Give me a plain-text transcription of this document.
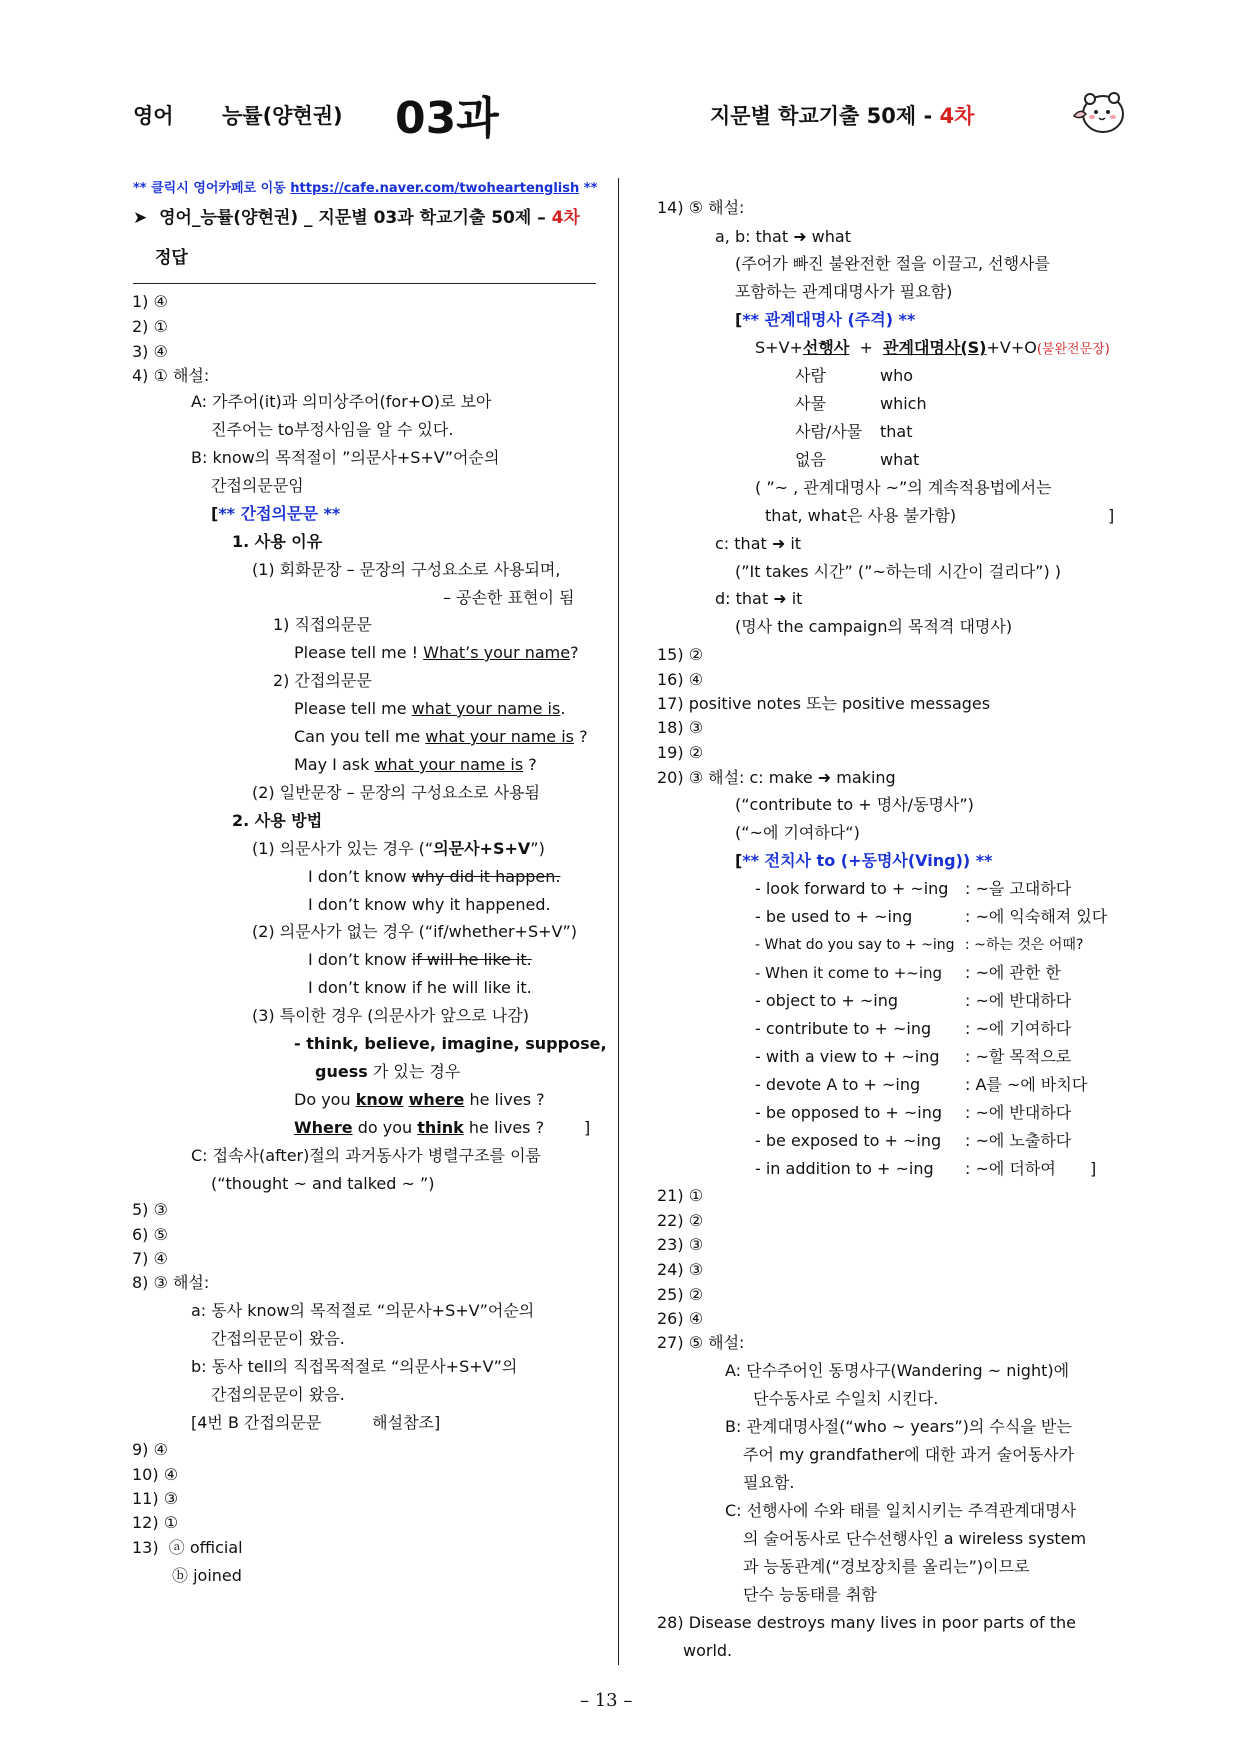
영어 능률(양현권) 03과	지문별 학교기출 50제 - 4차
** 클릭시 영어카페로 이동 https://cafe.naver.com/twoheartenglish **
➤ 영어_능률(양현권) _ 지문별 03과 학교기출 50제 – 4차
정답
1) ④
2) ①
3) ④
4) ① 해설:
A: 가주어(it)과 의미상주어(for+O)로 보아
진주어는 to부정사임을 알 수 있다.
B: know의 목적절이 ”의문사+S+V”어순의
간접의문문임
[** 간접의문문 **
1. 사용 이유
(1) 회화문장 – 문장의 구성요소로 사용되며,
– 공손한 표현이 됨
1) 직접의문문
Please tell me ! What’s your name?
2) 간접의문문
Please tell me what your name is.
Can you tell me what your name is ?
May I ask what your name is ?
(2) 일반문장 – 문장의 구성요소로 사용됨
2. 사용 방법
(1) 의문사가 있는 경우 (“의문사+S+V”)
I don’t know why did it happen.
I don’t know why it happened.
(2) 의문사가 없는 경우 (“if/whether+S+V”)
I don’t know if will he like it.
I don’t know if he will like it.
(3) 특이한 경우 (의문사가 앞으로 나감)
- think, believe, imagine, suppose,
guess 가 있는 경우
Do you know where he lives ?
Where do you think he lives ? ]
C: 접속사(after)절의 과거동사가 병렬구조를 이룸
(“thought ~ and talked ~ ”)
5) ③
6) ⑤
7) ④
8) ③ 해설:
a: 동사 know의 목적절로 “의문사+S+V”어순의
간접의문문이 왔음.
b: 동사 tell의 직접목적절로 “의문사+S+V”의
간접의문문이 왔음.
[4번 B 간접의문문          해설참조]
9) ④
10) ④
11) ③
12) ①
13)  ⓐ official
ⓑ joined
14) ⑤ 해설:
a, b: that ➜ what
(주어가 빠진 불완전한 절을 이끌고, 선행사를
포함하는 관계대명사가 필요함)
[** 관계대명사 (주격) **
S+V+선행사  +  관계대명사(S)+V+O(불완전문장)
사람	who
사물	which
사람/사물 that
없음	what
( ”~ , 관계대명사 ~”의 계속적용법에서는
that, what은 사용 불가함)	]
c: that ➜ it
(”It takes 시간” (”~하는데 시간이 걸리다”) )
d: that ➜ it
(명사 the campaign의 목적격 대명사)
15) ②
16) ④
17) positive notes 또는 positive messages
18) ③
19) ②
20) ③ 해설: c: make ➜ making
(“contribute to + 명사/동명사”)
(“~에 기여하다“)
[** 전치사 to (+동명사(Ving)) **
- look forward to + ~ing : ~을 고대하다
- be used to + ~ing	: ~에 익숙해져 있다
- What do you say to + ~ing : ~하는 것은 어때?
- When it come to +~ing : ~에 관한 한
- object to + ~ing	: ~에 반대하다
- contribute to + ~ing : ~에 기여하다
- with a view to + ~ing : ~할 목적으로
- devote A to + ~ing	: A를 ~에 바치다
- be opposed to + ~ing : ~에 반대하다
- be exposed to + ~ing : ~에 노출하다
- in addition to + ~ing : ~에 더하여 ]
21) ①
22) ②
23) ③
24) ③
25) ②
26) ④
27) ⑤ 해설:
A: 단수주어인 동명사구(Wandering ~ night)에
단수동사로 수일치 시킨다.
B: 관계대명사절(“who ~ years”)의 수식을 받는
주어 my grandfather에 대한 과거 술어동사가
필요함.
C: 선행사에 수와 태를 일치시키는 주격관계대명사
의 술어동사로 단수선행사인 a wireless system
과 능동관계(“경보장치를 올리는”)이므로
단수 능동태를 취함
28) Disease destroys many lives in poor parts of the
world.
– 13 –
